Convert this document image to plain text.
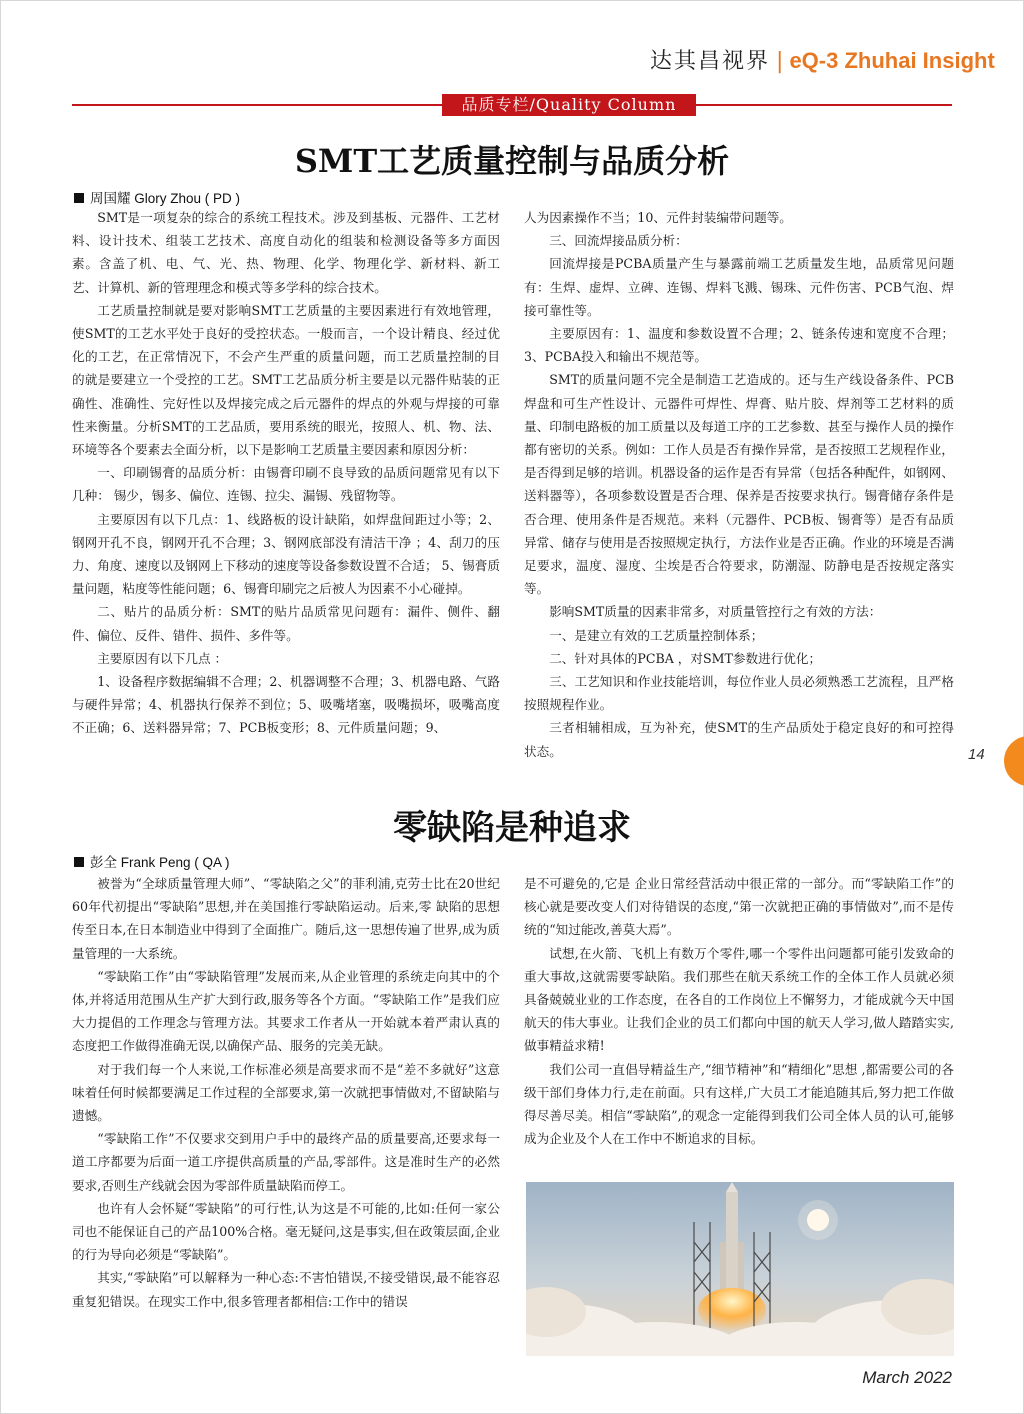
达其昌视界 | eQ-3 Zhuhai Insight
品质专栏/Quality Column
SMT工艺质量控制与品质分析
周国耀 Glory Zhou ( PD )

SMT是一项复杂的综合的系统工程技术。涉及到基板、元器件、工艺材料、设计技术、组装工艺技术、高度自动化的组装和检测设备等多方面因素。含盖了机、电、气、光、热、物理、化学、物理化学、新材料、新工艺、计算机、新的管理理念和模式等多学科的综合技术。

工艺质量控制就是要对影响SMT工艺质量的主要因素进行有效地管理，使SMT的工艺水平处于良好的受控状态。一般而言，一个设计精良、经过优化的工艺，在正常情况下，不会产生严重的质量问题，而工艺质量控制的目的就是要建立一个受控的工艺。SMT工艺品质分析主要是以元器件贴装的正确性、准确性、完好性以及焊接完成之后元器件的焊点的外观与焊接的可靠性来衡量。分析SMT的工艺品质，要用系统的眼光，按照人、机、物、法、环境等各个要素去全面分析，以下是影响工艺质量主要因素和原因分析：

一、印刷锡膏的品质分析：由锡膏印刷不良导致的品质问题常见有以下几种： 锡少，锡多、偏位、连锡、拉尖、漏锡、残留物等。

主要原因有以下几点：1、线路板的设计缺陷，如焊盘间距过小等；2、钢网开孔不良，钢网开孔不合理；3、钢网底部没有清洁干净 ；4、刮刀的压力、角度、速度以及钢网上下移动的速度等设备参数设置不合适； 5、锡膏质量问题，粘度等性能问题；6、锡膏印刷完之后被人为因素不小心碰掉。

二、贴片的品质分析：SMT的贴片品质常见问题有：漏件、侧件、翻件、偏位、反件、错件、损件、多件等。

主要原因有以下几点 ：

1、设备程序数据编辑不合理；2、机器调整不合理；3、机器电路、气路与硬件异常；4、机器执行保养不到位；5、吸嘴堵塞，吸嘴损坏，吸嘴高度不正确；6、送料器异常；7、PCB板变形；8、元件质量问题；9、

人为因素操作不当；10、元件封装编带问题等。

三、回流焊接品质分析：

回流焊接是PCBA质量产生与暴露前端工艺质量发生地，品质常见问题有：生焊、虚焊、立碑、连锡、焊料飞溅、锡珠、元件伤害、PCB气泡、焊接可靠性等。

主要原因有：1、温度和参数设置不合理；2、链条传速和宽度不合理；3、PCBA投入和输出不规范等。

SMT的质量问题不完全是制造工艺造成的。还与生产线设备条件、PCB焊盘和可生产性设计、元器件可焊性、焊膏、贴片胶、焊剂等工艺材料的质量、印制电路板的加工质量以及每道工序的工艺参数、甚至与操作人员的操作都有密切的关系。例如：工作人员是否有操作异常，是否按照工艺规程作业，是否得到足够的培训。机器设备的运作是否有异常（包括各种配件，如钢网、送料器等），各项参数设置是否合理、保养是否按要求执行。锡膏储存条件是否合理、使用条件是否规范。来料（元器件、PCB板、锡膏等）是否有品质异常、储存与使用是否按照规定执行，方法作业是否正确。作业的环境是否满足要求，温度、湿度、尘埃是否合符要求，防潮湿、防静电是否按规定落实等。

影响SMT质量的因素非常多，对质量管控行之有效的方法：

一、是建立有效的工艺质量控制体系；

二、针对具体的PCBA ，对SMT参数进行优化；

三、工艺知识和作业技能培训，每位作业人员必须熟悉工艺流程，且严格按照规程作业。

三者相辅相成，互为补充，使SMT的生产品质处于稳定良好的和可控得状态。	14
零缺陷是种追求
彭全 Frank Peng ( QA )

被誉为“全球质量管理大师”、“零缺陷之父”的菲利浦,克劳士比在20世纪60年代初提出“零缺陷”思想,并在美国推行零缺陷运动。后来,零 缺陷的思想传至日本,在日本制造业中得到了全面推广。随后,这一思想传遍了世界,成为质量管理的一大系统。

“零缺陷工作”由“零缺陷管理”发展而来,从企业管理的系统走向其中的个体,并将适用范围从生产扩大到行政,服务等各个方面。“零缺陷工作”是我们应大力提倡的工作理念与管理方法。其要求工作者从一开始就本着严肃认真的态度把工作做得准确无误,以确保产品、服务的完美无缺。

对于我们每一个人来说,工作标准必须是高要求而不是“差不多就好”这意味着任何时候都要满足工作过程的全部要求,第一次就把事情做对,不留缺陷与遗憾。

“零缺陷工作”不仅要求交到用户手中的最终产品的质量要高,还要求每一道工序都要为后面一道工序提供高质量的产品,零部件。这是准时生产的必然要求,否则生产线就会因为零部件质量缺陷而停工。

也许有人会怀疑“零缺陷”的可行性,认为这是不可能的,比如:任何一家公司也不能保证自己的产品100%合格。毫无疑问,这是事实,但在政策层面,企业的行为导向必须是“零缺陷”。

其实,“零缺陷”可以解释为一种心态:不害怕错误,不接受错误,最不能容忍重复犯错误。在现实工作中,很多管理者都相信:工作中的错误

是不可避免的,它是 企业日常经营活动中很正常的一部分。而“零缺陷工作”的核心就是要改变人们对待错误的态度,“第一次就把正确的事情做对”,而不是传统的“知过能改,善莫大焉”。

试想,在火箭、飞机上有数万个零件,哪一个零件出问题都可能引发致命的重大事故,这就需要零缺陷。我们那些在航天系统工作的全体工作人员就必须具备兢兢业业的工作态度，在各自的工作岗位上不懈努力，才能成就今天中国航天的伟大事业。让我们企业的员工们都向中国的航天人学习,做人踏踏实实,做事精益求精!

我们公司一直倡导精益生产,“细节精神”和“精细化”思想 ,都需要公司的各级干部们身体力行,走在前面。只有这样,广大员工才能追随其后,努力把工作做得尽善尽美。相信“零缺陷”,的观念一定能得到我们公司全体人员的认可,能够成为企业及个人在工作中不断追求的目标。

March 2022
